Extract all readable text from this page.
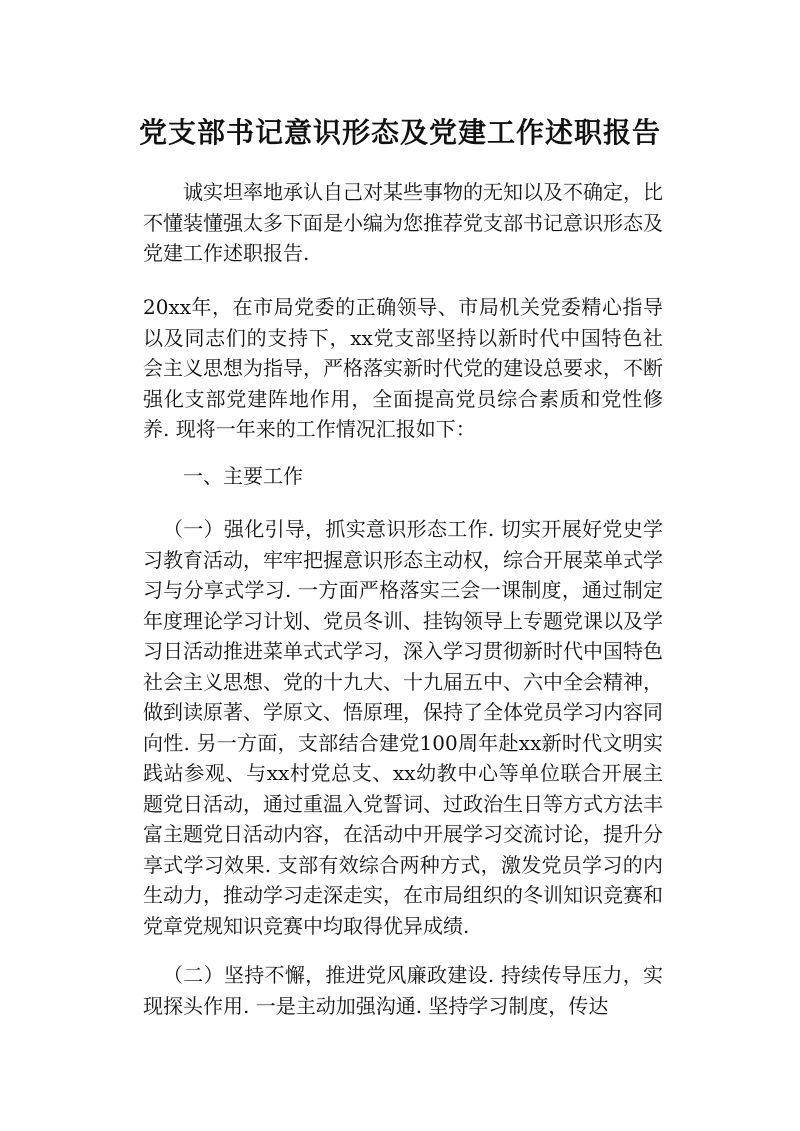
党支部书记意识形态及党建工作述职报告

诚实坦率地承认自己对某些事物的无知以及不确定，比不懂装懂强太多下面是小编为您推荐党支部书记意识形态及党建工作述职报告.

20xx年，在市局党委的正确领导、市局机关党委精心指导以及同志们的支持下，xx党支部坚持以新时代中国特色社会主义思想为指导，严格落实新时代党的建设总要求，不断强化支部党建阵地作用，全面提高党员综合素质和党性修养. 现将一年来的工作情况汇报如下：

一、主要工作

（一）强化引导，抓实意识形态工作. 切实开展好党史学习教育活动，牢牢把握意识形态主动权，综合开展菜单式学习与分享式学习. 一方面严格落实三会一课制度，通过制定年度理论学习计划、党员冬训、挂钩领导上专题党课以及学习日活动推进菜单式式学习，深入学习贯彻新时代中国特色社会主义思想、党的十九大、十九届五中、六中全会精神，做到读原著、学原文、悟原理，保持了全体党员学习内容同向性. 另一方面，支部结合建党100周年赴xx新时代文明实践站参观、与xx村党总支、xx幼教中心等单位联合开展主题党日活动，通过重温入党誓词、过政治生日等方式方法丰富主题党日活动内容，在活动中开展学习交流讨论，提升分享式学习效果. 支部有效综合两种方式，激发党员学习的内生动力，推动学习走深走实，在市局组织的冬训知识竞赛和党章党规知识竞赛中均取得优异成绩.

（二）坚持不懈，推进党风廉政建设. 持续传导压力，实现探头作用. 一是主动加强沟通. 坚持学习制度，传达
